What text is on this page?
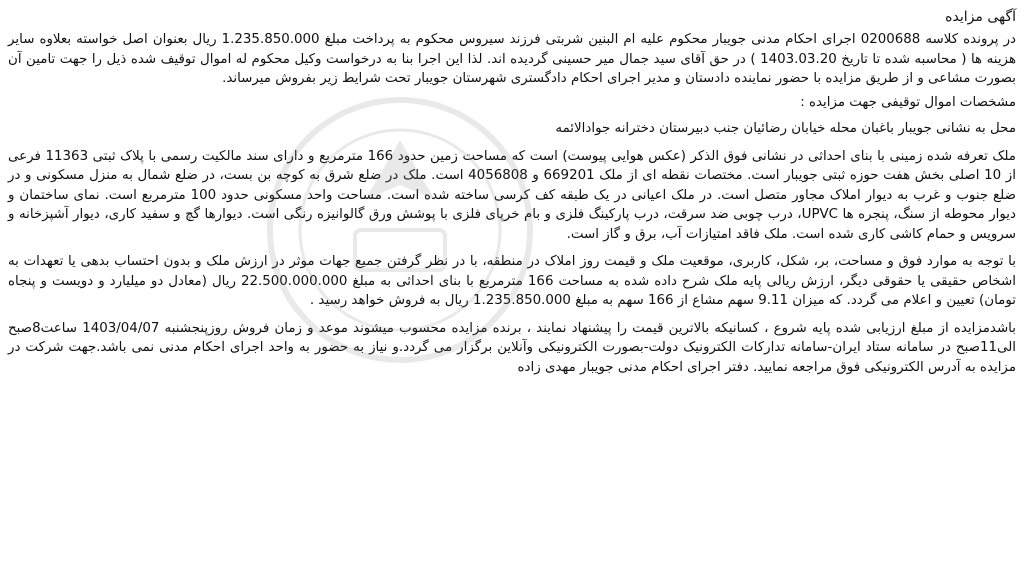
آگهی مزایده

در پرونده کلاسه 0200688 اجرای احکام مدنی جویبار محکوم علیه ام البنین شربتی فرزند سیروس محکوم به پرداخت مبلغ 1.235.850.000 ریال بعنوان اصل خواسته بعلاوه سایر هزینه ها ( محاسبه شده تا تاریخ 1403.03.20 ) در حق آقای سید جمال میر حسینی گردیده اند. لذا این اجرا بنا به درخواست وکیل محکوم له اموال توقیف شده ذیل را جهت تامین آن بصورت مشاعی و از طریق مزایده با حضور نماینده دادستان و مدیر اجرای احکام دادگستری شهرستان جویبار تحت شرایط زیر بفروش میرساند.

مشخصات اموال توقیفی جهت مزایده :
محل به نشانی جویبار باغبان محله خیابان رضائیان جنب دبیرستان دخترانه جوادالائمه

ملک تعرفه شده زمینی با بنای احداثی در نشانی فوق الذکر (عکس هوایی پیوست) است که مساحت زمین حدود 166 مترمربع و دارای سند مالکیت رسمی با پلاک ثبتی 11363 فرعی از 10 اصلی بخش هفت حوزه ثبتی جویبار است. مختصات نقطه ای از ملک 669201 و 4056808 است. ملک در ضلع شرق به کوچه بن بست، در ضلع شمال به منزل مسکونی و در ضلع جنوب و غرب به دیوار املاک مجاور متصل است. در ملک اعیانی در یک طبقه کف کرسی ساخته شده است. مساحت واحد مسکونی حدود 100 مترمربع است. نمای ساختمان و دیوار محوطه از سنگ، پنجره ها UPVC، درب چوبی ضد سرقت، درب پارکینگ فلزی و بام خرپای فلزی با پوشش ورق گالوانیزه رنگی است. دیوارها گچ و سفید کاری، دیوار آشپزخانه و سرویس و حمام کاشی کاری شده است. ملک فاقد امتیازات آب، برق و گاز است.

با توجه به موارد فوق و مساحت، بر، شکل، کاربری، موقعیت ملک و قیمت روز املاک در منطقه، با در نظر گرفتن جمیع جهات موثر در ارزش ملک و بدون احتساب بدهی یا تعهدات به اشخاص حقیقی یا حقوقی دیگر، ارزش ریالی پایه ملک شرح داده شده به مساحت 166 مترمربع با بنای احداثی به مبلغ 22.500.000.000 ریال (معادل دو میلیارد و دویست و پنجاه تومان) تعیین و اعلام می گردد. که میزان 9.11 سهم مشاع از 166 سهم به مبلغ 1.235.850.000 ریال به فروش خواهد رسید .

باشدمزایده از مبلغ ارزیابی شده پایه شروع ، کسانیکه بالاترین قیمت را پیشنهاد نمایند ، برنده مزایده محسوب میشوند موعد و زمان فروش روزپنجشنبه 1403/04/07 ساعت8صبح الی11صبح در سامانه ستاد ایران-سامانه تدارکات الکترونیک دولت-بصورت الکترونیکی وآنلاین برگزار می گردد.و نیاز به حضور به واحد اجرای احکام مدنی نمی باشد.جهت شرکت در مزایده به آدرس الکترونیکی فوق مراجعه نمایید. دفتر اجرای احکام مدنی جویبار مهدی زاده
